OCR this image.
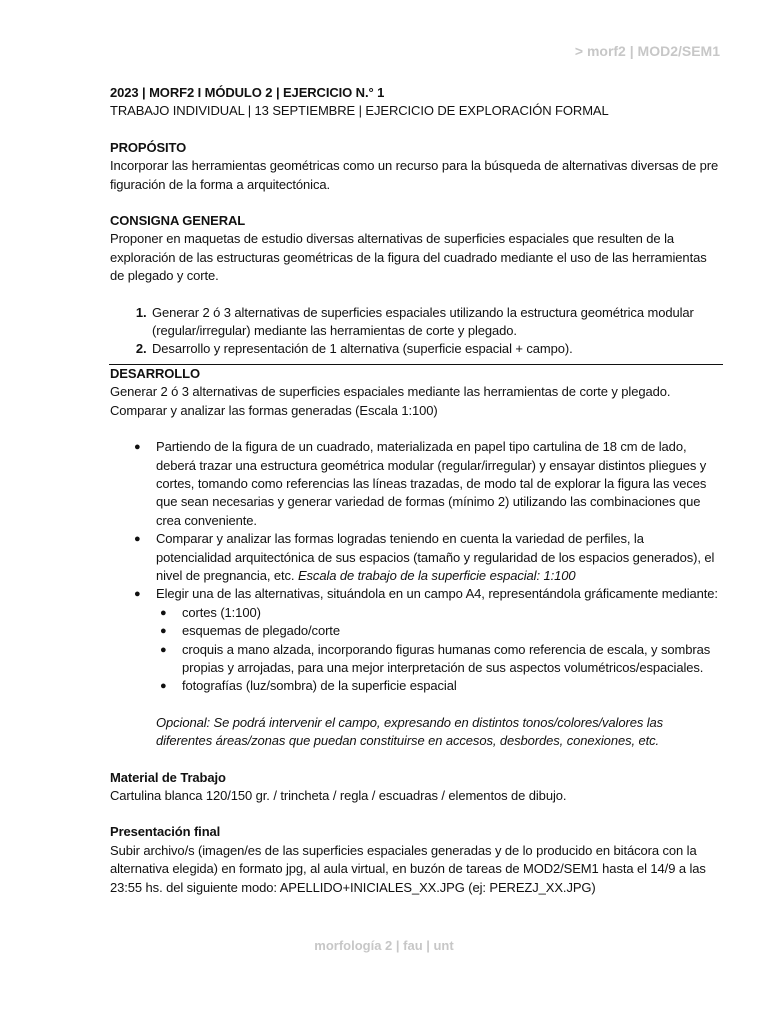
> morf2 | MOD2/SEM1

2023 | MORF2 I MÓDULO 2 | EJERCICIO N.° 1

TRABAJO INDIVIDUAL | 13 SEPTIEMBRE | EJERCICIO DE EXPLORACIÓN FORMAL

PROPÓSITO

Incorporar las herramientas geométricas como un recurso para la búsqueda de alternativas diversas de pre figuración de la forma a arquitectónica.

CONSIGNA GENERAL

Proponer en maquetas de estudio diversas alternativas de superficies espaciales que resulten de la exploración de las estructuras geométricas de la figura del cuadrado mediante el uso de las herramientas de plegado y corte.

1. Generar 2 ó 3 alternativas de superficies espaciales utilizando la estructura geométrica modular (regular/irregular) mediante las herramientas de corte y plegado.
2. Desarrollo y representación de 1 alternativa (superficie espacial + campo).

DESARROLLO

Generar 2 ó 3 alternativas de superficies espaciales mediante las herramientas de corte y plegado. Comparar y analizar las formas generadas (Escala 1:100)

● Partiendo de la figura de un cuadrado, materializada en papel tipo cartulina de 18 cm de lado, deberá trazar una estructura geométrica modular (regular/irregular) y ensayar distintos pliegues y cortes, tomando como referencias las líneas trazadas, de modo tal de explorar la figura las veces que sean necesarias y generar variedad de formas (mínimo 2) utilizando las combinaciones que crea conveniente.
● Comparar y analizar las formas logradas teniendo en cuenta la variedad de perfiles, la potencialidad arquitectónica de sus espacios (tamaño y regularidad de los espacios generados), el nivel de pregnancia, etc. Escala de trabajo de la superficie espacial: 1:100
● Elegir una de las alternativas, situándola en un campo A4, representándola gráficamente mediante:
● cortes (1:100)
● esquemas de plegado/corte
● croquis a mano alzada, incorporando figuras humanas como referencia de escala, y sombras propias y arrojadas, para una mejor interpretación de sus aspectos volumétricos/espaciales.
● fotografías (luz/sombra) de la superficie espacial

Opcional: Se podrá intervenir el campo, expresando en distintos tonos/colores/valores las diferentes áreas/zonas que puedan constituirse en accesos, desbordes, conexiones, etc.

Material de Trabajo

Cartulina blanca 120/150 gr. / trincheta / regla / escuadras / elementos de dibujo.

Presentación final

Subir archivo/s (imagen/es de las superficies espaciales generadas y de lo producido en bitácora con la alternativa elegida) en formato jpg, al aula virtual, en buzón de tareas de MOD2/SEM1 hasta el 14/9 a las 23:55 hs. del siguiente modo: APELLIDO+INICIALES_XX.JPG (ej: PEREZJ_XX.JPG)

morfología 2 | fau | unt
